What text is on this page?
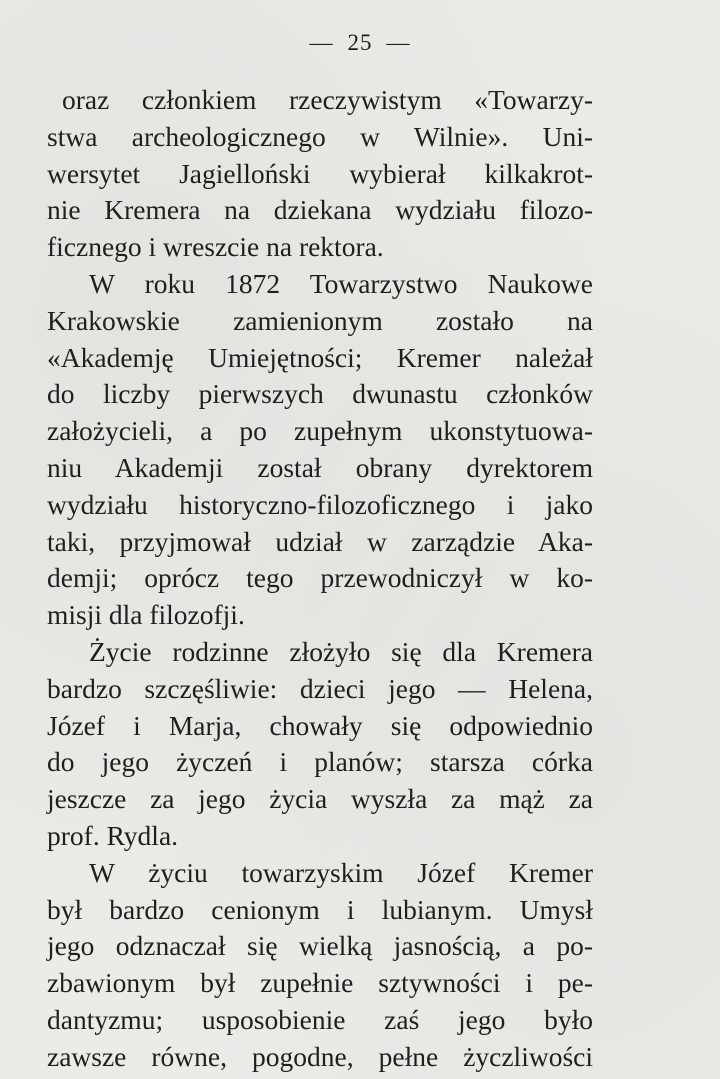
— 25 —
oraz członkiem rzeczywistym «Towarzy-
stwa archeologicznego w Wilnie». Uni-
wersytet Jagielloński wybierał kilkakrot-
nie Kremera na dziekana wydziału filozo-
ficznego i wreszcie na rektora.
W roku 1872 Towarzystwo Naukowe
Krakowskie zamienionym zostało na
«Akademję Umiejętności; Kremer należał
do liczby pierwszych dwunastu członków
założycieli, a po zupełnym ukonstytuowa-
niu Akademji został obrany dyrektorem
wydziału historyczno-filozoficznego i jako
taki, przyjmował udział w zarządzie Aka-
demji; oprócz tego przewodniczył w ko-
misji dla filozofji.
Życie rodzinne złożyło się dla Kremera
bardzo szczęśliwie: dzieci jego — Helena,
Józef i Marja, chowały się odpowiednio
do jego życzeń i planów; starsza córka
jeszcze za jego życia wyszła za mąż za
prof. Rydla.
W życiu towarzyskim Józef Kremer
był bardzo cenionym i lubianym. Umysł
jego odznaczał się wielką jasnością, a po-
zbawionym był zupełnie sztywności i pe-
dantyzmu; usposobienie zaś jego było
zawsze równe, pogodne, pełne życzliwości
